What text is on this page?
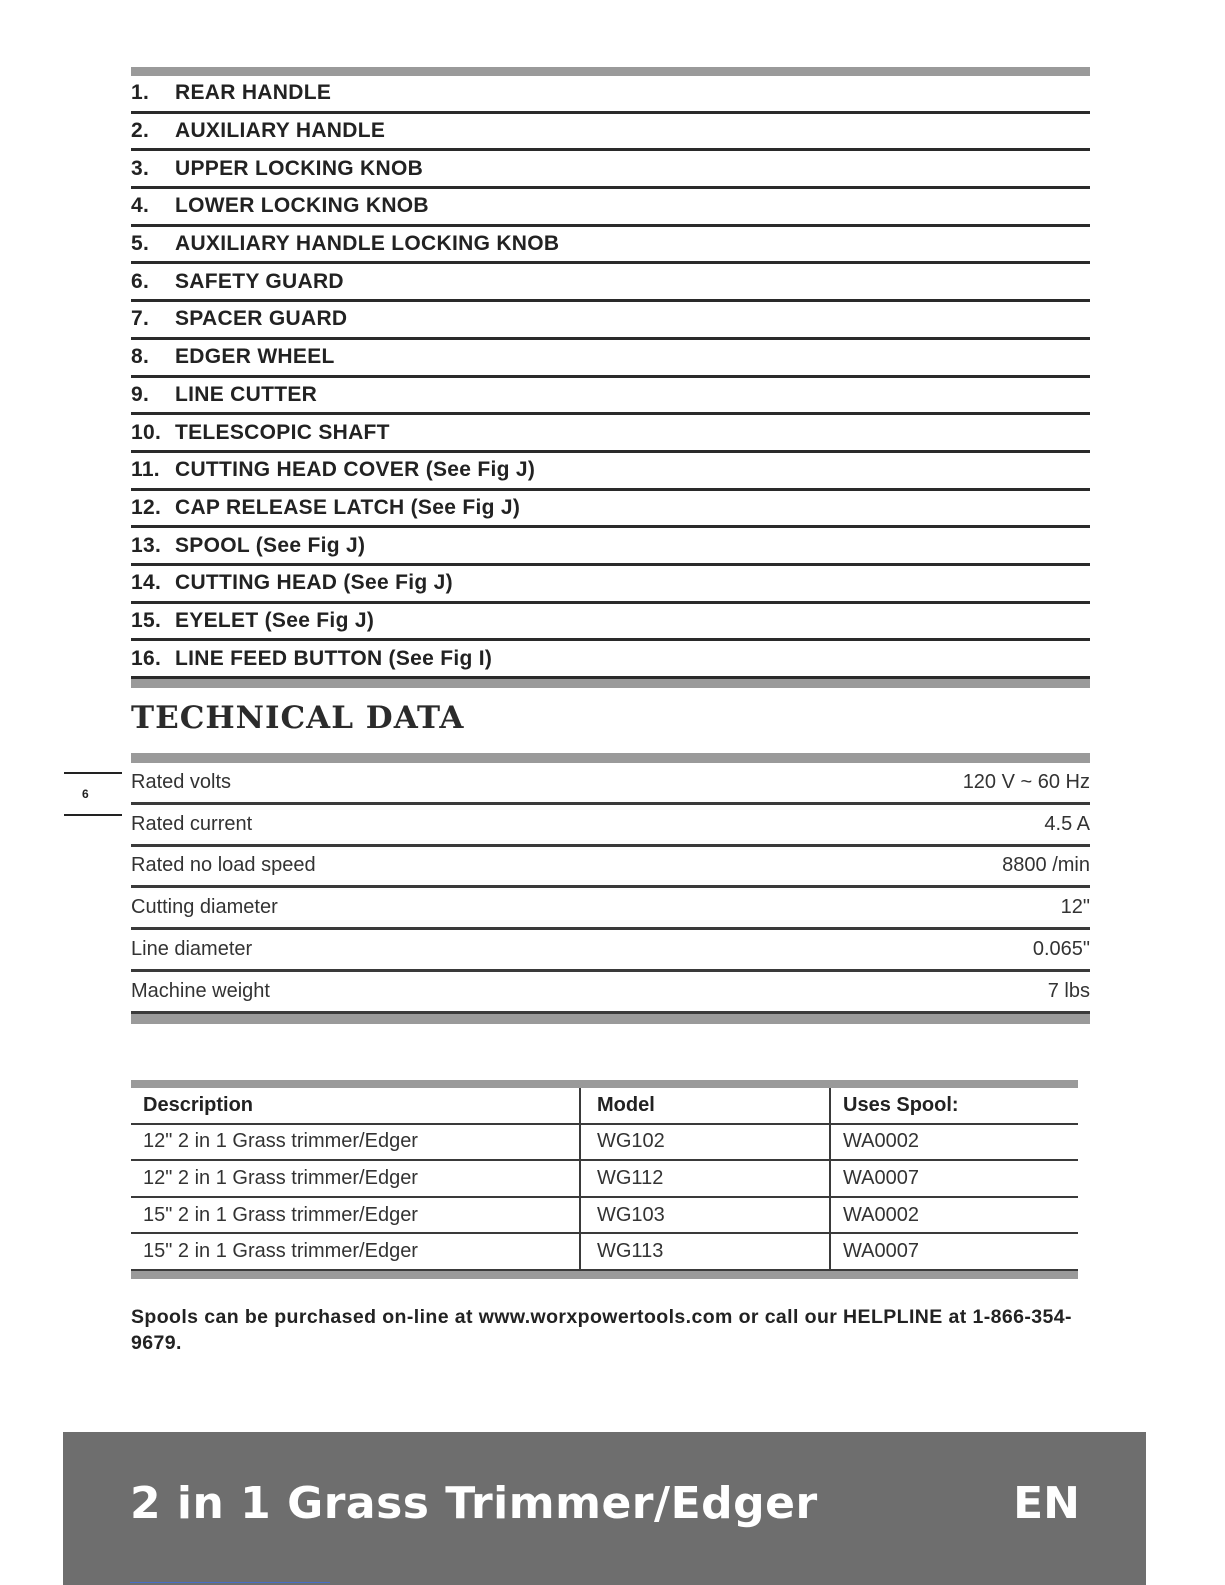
1.	REAR HANDLE
2.	AUXILIARY HANDLE
3.	UPPER LOCKING KNOB
4.	LOWER LOCKING KNOB
5.	AUXILIARY HANDLE LOCKING KNOB
6.	SAFETY GUARD
7.	SPACER GUARD
8.	EDGER WHEEL
9.	LINE CUTTER
10. TELESCOPIC SHAFT
11. CUTTING HEAD COVER (See Fig J)
12. CAP RELEASE LATCH (See Fig J)
13. SPOOL (See Fig J)
14. CUTTING HEAD (See Fig J)
15. EYELET (See Fig J)
16. LINE FEED BUTTON (See Fig I)
TECHNICAL DATA
6
Rated volts	120 V ~ 60 Hz
Rated current	4.5 A
Rated no load speed	8800 /min
Cutting diameter	12"
Line diameter	0.065"
Machine weight	7 lbs
Description	Model	Uses Spool:
12" 2 in 1 Grass trimmer/Edger	WG102	WA0002
12" 2 in 1 Grass trimmer/Edger	WG112	WA0007
15" 2 in 1 Grass trimmer/Edger	WG103	WA0002
15" 2 in 1 Grass trimmer/Edger	WG113	WA0007

Spools can be purchased on-line at www.worxpowertools.com or call our HELPLINE at 1-866-354-9679.

2 in 1 Grass Trimmer/Edger	EN
